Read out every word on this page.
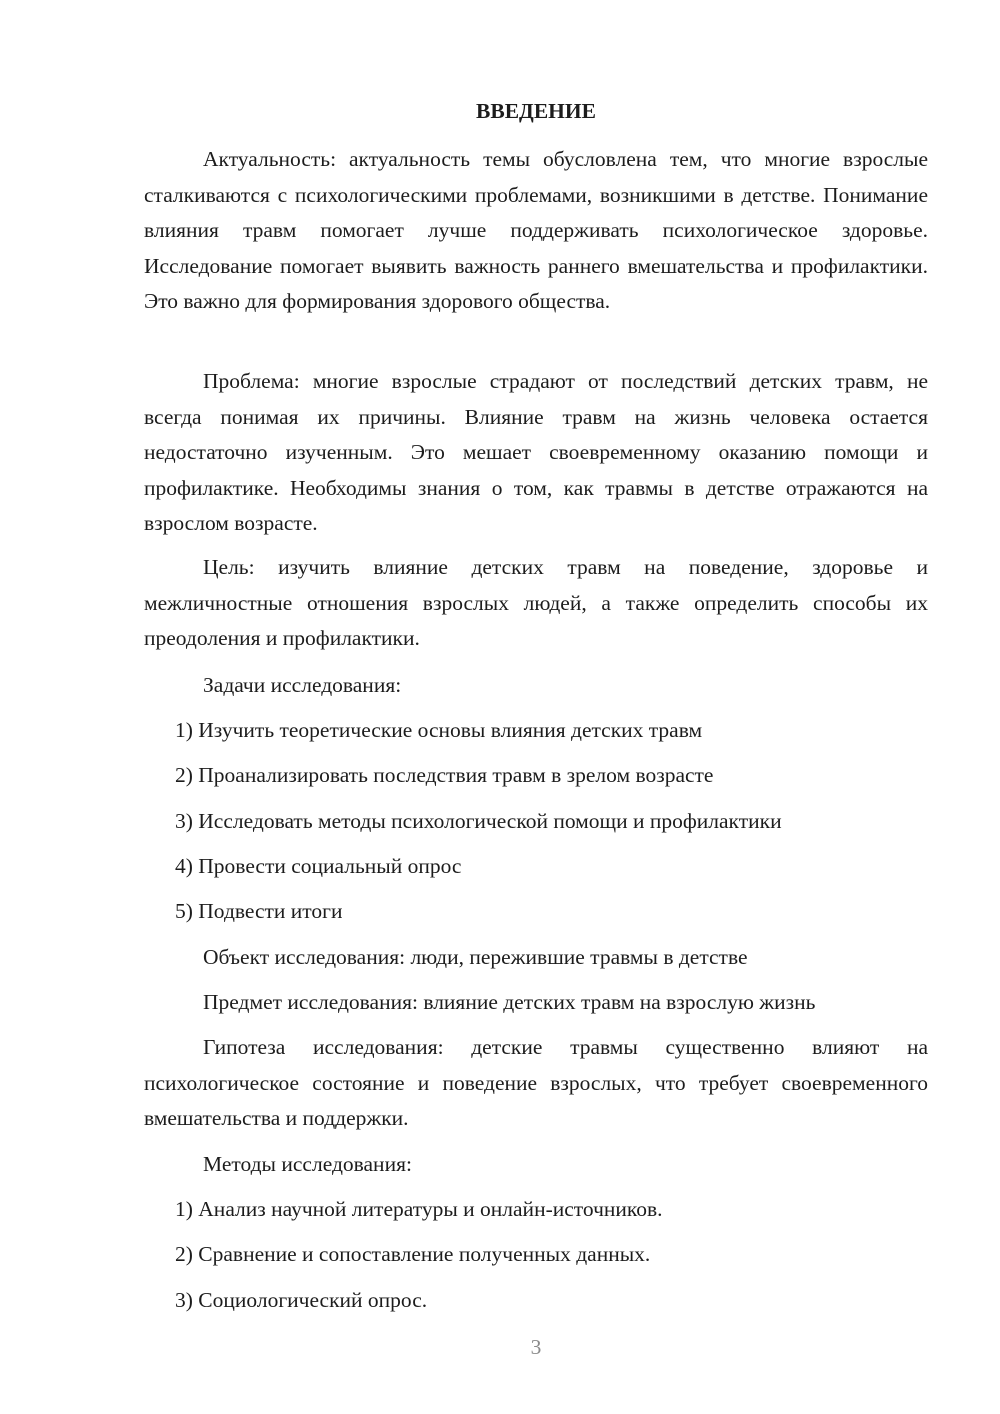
ВВЕДЕНИЕ

Актуальность: актуальность темы обусловлена тем, что многие взрослые сталкиваются с психологическими проблемами, возникшими в детстве. Понимание влияния травм помогает лучше поддерживать психологическое здоровье. Исследование помогает выявить важность раннего вмешательства и профилактики. Это важно для формирования здорового общества.

Проблема: многие взрослые страдают от последствий детских травм, не всегда понимая их причины. Влияние травм на жизнь человека остается недостаточно изученным. Это мешает своевременному оказанию помощи и профилактике. Необходимы знания о том, как травмы в детстве отражаются на взрослом возрасте.

Цель: изучить влияние детских травм на поведение, здоровье и межличностные отношения взрослых людей, а также определить способы их преодоления и профилактики.

Задачи исследования:

1) Изучить теоретические основы влияния детских травм

2) Проанализировать последствия травм в зрелом возрасте

3) Исследовать методы психологической помощи и профилактики

4) Провести социальный опрос

5) Подвести итоги

Объект исследования: люди, пережившие травмы в детстве

Предмет исследования: влияние детских травм на взрослую жизнь

Гипотеза исследования: детские травмы существенно влияют на психологическое состояние и поведение взрослых, что требует своевременного вмешательства и поддержки.

Методы исследования:

1) Анализ научной литературы и онлайн-источников.

2) Сравнение и сопоставление полученных данных.

3) Социологический опрос.

3
